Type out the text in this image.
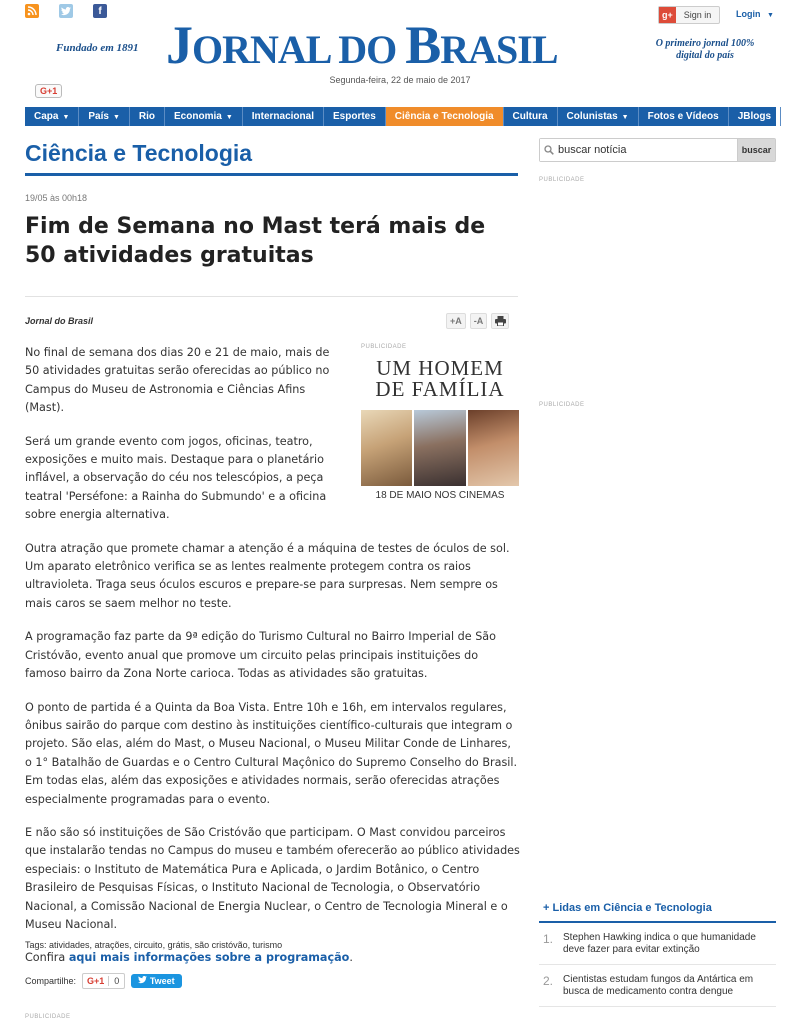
f
G+1
g+	Sign in	Login ▼
Fundado em 1891 JORNAL DO BRASIL
Segunda-feira, 22 de maio de 2017
O primeiro jornal 100% digital do país
Capa ▼	País ▼	Rio	Economia ▼	Internacional	Esportes	Ciência e Tecnologia	Cultura	Colunistas ▼	Fotos e Vídeos	JBlogs
Ciência e Tecnologia
19/05 às 00h18
Fim de Semana no Mast terá mais de 50 atividades gratuitas
Jornal do Brasil	+A	-A
PUBLICIDADE
UM HOMEM
DE FAMÍLIA
18 DE MAIO NOS CINEMAS

No final de semana dos dias 20 e 21 de maio, mais de 50 atividades gratuitas serão oferecidas ao público no Campus do Museu de Astronomia e Ciências Afins (Mast).

Será um grande evento com jogos, oficinas, teatro, exposições e muito mais. Destaque para o planetário inflável, a observação do céu nos telescópios, a peça teatral 'Perséfone: a Rainha do Submundo' e a oficina sobre energia alternativa.

Outra atração que promete chamar a atenção é a máquina de testes de óculos de sol. Um aparato eletrônico verifica se as lentes realmente protegem contra os raios ultravioleta. Traga seus óculos escuros e prepare-se para surpresas. Nem sempre os mais caros se saem melhor no teste.

A programação faz parte da 9ª edição do Turismo Cultural no Bairro Imperial de São Cristóvão, evento anual que promove um circuito pelas principais instituições do famoso bairro da Zona Norte carioca. Todas as atividades são gratuitas.

O ponto de partida é a Quinta da Boa Vista. Entre 10h e 16h, em intervalos regulares, ônibus sairão do parque com destino às instituições científico-culturais que integram o projeto. São elas, além do Mast, o Museu Nacional, o Museu Militar Conde de Linhares, o 1° Batalhão de Guardas e o Centro Cultural Maçônico do Supremo Conselho do Brasil. Em todas elas, além das exposições e atividades normais, serão oferecidas atrações especialmente programadas para o evento.

E não são só instituições de São Cristóvão que participam. O Mast convidou parceiros que instalarão tendas no Campus do museu e também oferecerão ao público atividades especiais: o Instituto de Matemática Pura e Aplicada, o Jardim Botânico, o Centro Brasileiro de Pesquisas Físicas, o Instituto Nacional de Tecnologia, o Observatório Nacional, a Comissão Nacional de Energia Nuclear, o Centro de Tecnologia Mineral e o Museu Nacional.

Confira aqui mais informações sobre a programação.

Tags: atividades, atrações, circuito, grátis, são cristóvão, turismo
Compartilhe:	G+1	0	Tweet
PUBLICIDADE
buscar notícia	buscar
PUBLICIDADE
PUBLICIDADE
+ Lidas em Ciência e Tecnologia
1. Stephen Hawking indica o que humanidade deve fazer para evitar extinção
2. Cientistas estudam fungos da Antártica em busca de medicamento contra dengue
